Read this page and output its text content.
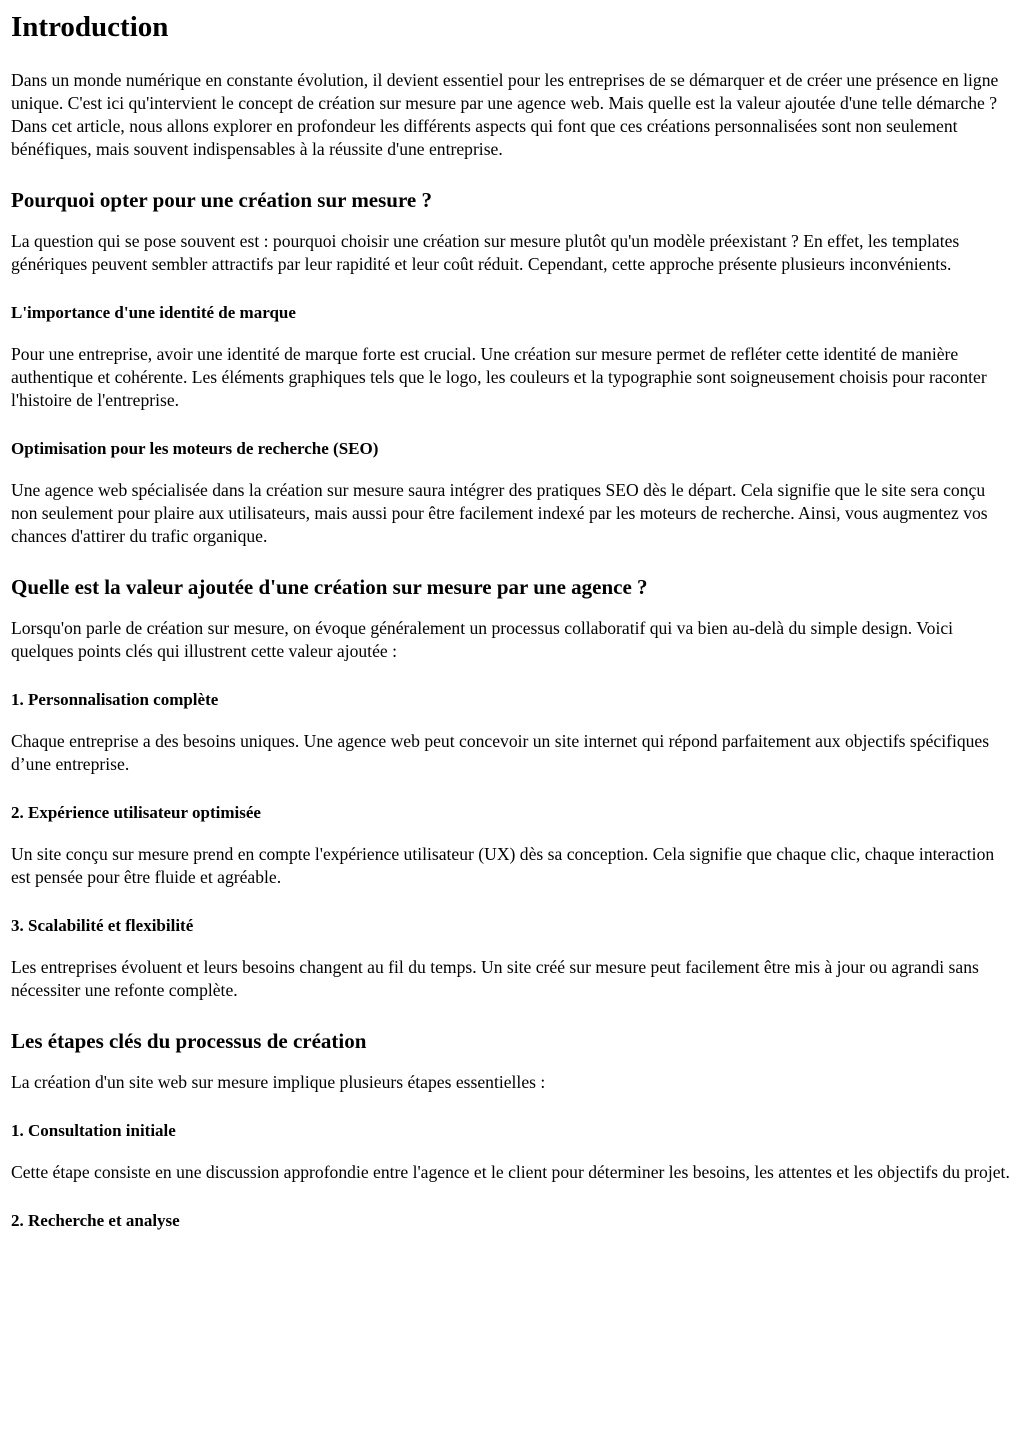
Introduction

Dans un monde numérique en constante évolution, il devient essentiel pour les entreprises de se démarquer et de créer une présence en ligne unique. C'est ici qu'intervient le concept de création sur mesure par une agence web. Mais quelle est la valeur ajoutée d'une telle démarche ? Dans cet article, nous allons explorer en profondeur les différents aspects qui font que ces créations personnalisées sont non seulement bénéfiques, mais souvent indispensables à la réussite d'une entreprise.

Pourquoi opter pour une création sur mesure ?

La question qui se pose souvent est : pourquoi choisir une création sur mesure plutôt qu'un modèle préexistant ? En effet, les templates génériques peuvent sembler attractifs par leur rapidité et leur coût réduit. Cependant, cette approche présente plusieurs inconvénients.

L'importance d'une identité de marque

Pour une entreprise, avoir une identité de marque forte est crucial. Une création sur mesure permet de refléter cette identité de manière authentique et cohérente. Les éléments graphiques tels que le logo, les couleurs et la typographie sont soigneusement choisis pour raconter l'histoire de l'entreprise.

Optimisation pour les moteurs de recherche (SEO)

Une agence web spécialisée dans la création sur mesure saura intégrer des pratiques SEO dès le départ. Cela signifie que le site sera conçu non seulement pour plaire aux utilisateurs, mais aussi pour être facilement indexé par les moteurs de recherche. Ainsi, vous augmentez vos chances d'attirer du trafic organique.

Quelle est la valeur ajoutée d'une création sur mesure par une agence ?

Lorsqu'on parle de création sur mesure, on évoque généralement un processus collaboratif qui va bien au-delà du simple design. Voici quelques points clés qui illustrent cette valeur ajoutée :

1. Personnalisation complète

Chaque entreprise a des besoins uniques. Une agence web peut concevoir un site internet qui répond parfaitement aux objectifs spécifiques d’une entreprise.

2. Expérience utilisateur optimisée

Un site conçu sur mesure prend en compte l'expérience utilisateur (UX) dès sa conception. Cela signifie que chaque clic, chaque interaction est pensée pour être fluide et agréable.

3. Scalabilité et flexibilité

Les entreprises évoluent et leurs besoins changent au fil du temps. Un site créé sur mesure peut facilement être mis à jour ou agrandi sans nécessiter une refonte complète.

Les étapes clés du processus de création

La création d'un site web sur mesure implique plusieurs étapes essentielles :

1. Consultation initiale

Cette étape consiste en une discussion approfondie entre l'agence et le client pour déterminer les besoins, les attentes et les objectifs du projet.

2. Recherche et analyse
